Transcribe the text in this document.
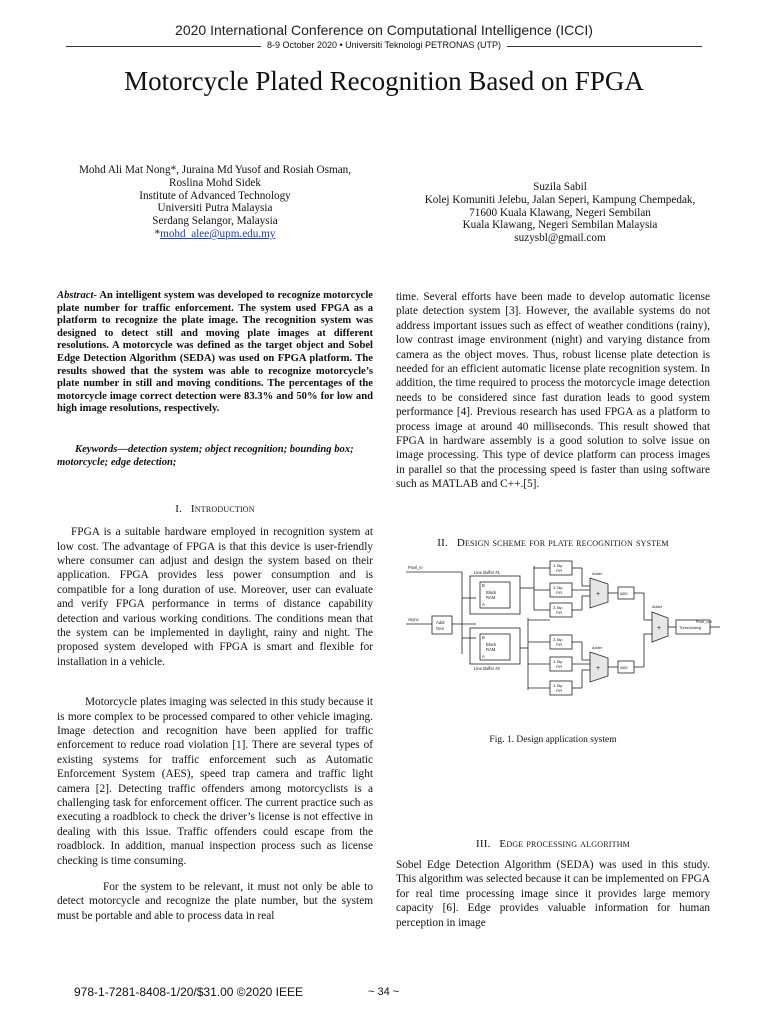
2020 International Conference on Computational Intelligence (ICCI)
8-9 October 2020 • Universiti Teknologi PETRONAS (UTP)
Motorcycle Plated Recognition Based on FPGA
Mohd Ali Mat Nong*, Juraina Md Yusof and Rosiah Osman,
Roslina Mohd Sidek
Institute of Advanced Technology
Universiti Putra Malaysia
Serdang Selangor, Malaysia
*mohd_alee@upm.edu.my
Suzila Sabil
Kolej Komuniti Jelebu, Jalan Seperi, Kampung Chempedak,
71600 Kuala Klawang, Negeri Sembilan
Kuala Klawang, Negeri Sembilan Malaysia
suzysbl@gmail.com
Abstract- An intelligent system was developed to recognize motorcycle plate number for traffic enforcement. The system used FPGA as a platform to recognize the plate image. The recognition system was designed to detect still and moving plate images at different resolutions. A motorcycle was defined as the target object and Sobel Edge Detection Algorithm (SEDA) was used on FPGA platform. The results showed that the system was able to recognize motorcycle’s plate number in still and moving conditions. The percentages of the motorcycle image correct detection were 83.3% and 50% for low and high image resolutions, respectively.
Keywords—detection system; object recognition; bounding box; motorcycle; edge detection;
I. Introduction

FPGA is a suitable hardware employed in recognition system at low cost. The advantage of FPGA is that this device is user-friendly where consumer can adjust and design the system based on their application. FPGA provides less power consumption and is compatible for a long duration of use. Moreover, user can evaluate and verify FPGA performance in terms of distance capability detection and various working conditions. The conditions mean that the system can be implemented in daylight, rainy and night. The proposed system developed with FPGA is smart and flexible for installation in a vehicle.

Motorcycle plates imaging was selected in this study because it is more complex to be processed compared to other vehicle imaging. Image detection and recognition have been applied for traffic enforcement to reduce road violation [1]. There are several types of existing systems for traffic enforcement such as Automatic Enforcement System (AES), speed trap camera and traffic light camera [2]. Detecting traffic offenders among motorcyclists is a challenging task for enforcement officer. The current practice such as executing a roadblock to check the driver’s license is not effective in dealing with this issue. Traffic offenders could escape from the roadblock. In addition, manual inspection process such as license checking is time consuming.

For the system to be relevant, it must not only be able to detect motorcycle and recognize the plate number, but the system must be portable and able to process data in real

time. Several efforts have been made to develop automatic license plate detection system [3]. However, the available systems do not address important issues such as effect of weather conditions (rainy), low contrast image environment (night) and varying distance from camera as the object moves. Thus, robust license plate detection is needed for an efficient automatic license plate recognition system. In addition, the time required to process the motorcycle image detection needs to be considered since fast duration leads to good system performance [4]. Previous research has used FPGA as a platform to process image at around 40 milliseconds. This result showed that FPGA in hardware assembly is a good solution to solve issue on image processing. This type of device platform can process images in parallel so that the processing speed is faster than using software such as MATLAB and C++.[5].

II. Design scheme for plate recognition system
Pixel_in
vsync
Addr
Gen
Line Buffer #1
Line Buffer #2
B
Block
RAM
A
B
Block
RAM
A
3-Tap
FIR
3-Tap
FIR
3-Tap
FIR
3-Tap
FIR
3-Tap
FIR
3-Tap
FIR
Adder
Adder
Adder
ABS
ABS
Thresholding
Pixel_out
+
+
+
Fig. 1. Design application system
III. Edge processing algorithm

Sobel Edge Detection Algorithm (SEDA) was used in this study. This algorithm was selected because it can be implemented on FPGA for real time processing image since it provides large memory capacity [6]. Edge provides valuable information for human perception in image

978-1-7281-8408-1/20/$31.00 ©2020 IEEE	~ 34 ~
